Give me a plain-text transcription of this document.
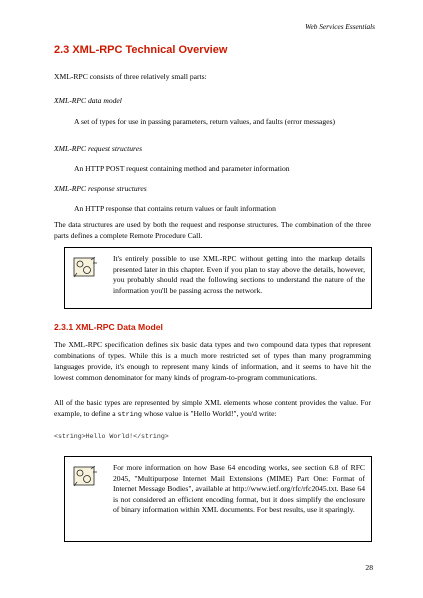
Web Services Essentials
2.3 XML-RPC Technical Overview

XML-RPC consists of three relatively small parts:

XML-RPC data model

A set of types for use in passing parameters, return values, and faults (error messages)

XML-RPC request structures

An HTTP POST request containing method and parameter information

XML-RPC response structures

An HTTP response that contains return values or fault information

The data structures are used by both the request and response structures. The combination of the three parts defines a complete Remote Procedure Call.

It's entirely possible to use XML-RPC without getting into the markup details presented later in this chapter. Even if you plan to stay above the details, however, you probably should read the following sections to understand the nature of the information you'll be passing across the network.

2.3.1 XML-RPC Data Model

The XML-RPC specification defines six basic data types and two compound data types that represent combinations of types. While this is a much more restricted set of types than many programming languages provide, it's enough to represent many kinds of information, and it seems to have hit the lowest common denominator for many kinds of program-to-program communications.

All of the basic types are represented by simple XML elements whose content provides the value. For example, to define a string whose value is "Hello World!", you'd write:

<string>Hello World!</string>

For more information on how Base 64 encoding works, see section 6.8 of RFC 2045, "Multipurpose Internet Mail Extensions (MIME) Part One: Format of Internet Message Bodies", available at http://www.ietf.org/rfc/rfc2045.txt. Base 64 is not considered an efficient encoding format, but it does simplify the enclosure of binary information within XML documents. For best results, use it sparingly.

28
